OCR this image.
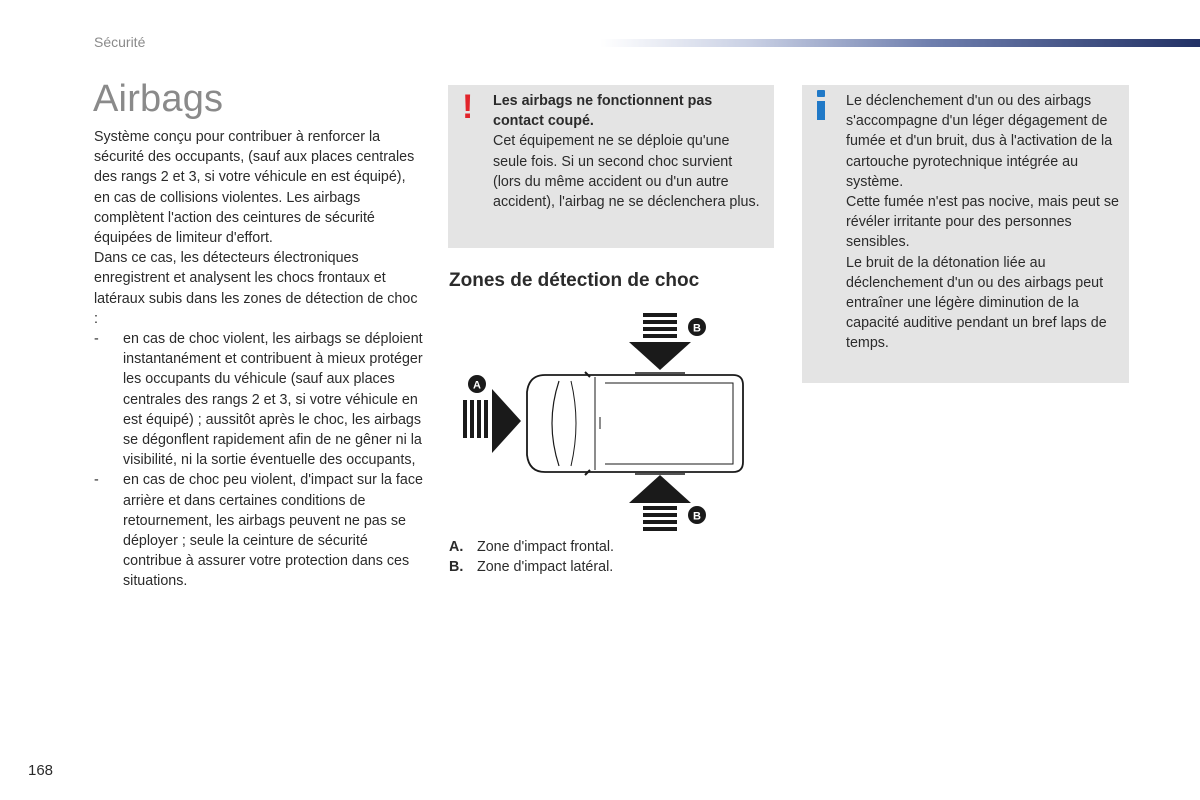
Sécurité
Airbags

Système conçu pour contribuer à renforcer la sécurité des occupants, (sauf aux places centrales des rangs 2 et 3, si votre véhicule en est équipé), en cas de collisions violentes. Les airbags complètent l'action des ceintures de sécurité équipées de limiteur d'effort.

Dans ce cas, les détecteurs électroniques enregistrent et analysent les chocs frontaux et latéraux subis dans les zones de détection de choc :

- en cas de choc violent, les airbags se déploient instantanément et contribuent à mieux protéger les occupants du véhicule (sauf aux places centrales des rangs 2 et 3, si votre véhicule en est équipé) ; aussitôt après le choc, les airbags se dégonflent rapidement afin de ne gêner ni la visibilité, ni la sortie éventuelle des occupants,
- en cas de choc peu violent, d'impact sur la face arrière et dans certaines conditions de retournement, les airbags peuvent ne pas se déployer ; seule la ceinture de sécurité contribue à assurer votre protection dans ces situations.
! Les airbags ne fonctionnent pas contact coupé.

Cet équipement ne se déploie qu'une seule fois. Si un second choc survient (lors du même accident ou d'un autre accident), l'airbag ne se déclenchera plus.

Zones de détection de choc
B
A
B

A. Zone d'impact frontal.

B. Zone d'impact latéral.

Le déclenchement d'un ou des airbags s'accompagne d'un léger dégagement de fumée et d'un bruit, dus à l'activation de la cartouche pyrotechnique intégrée au système.

Cette fumée n'est pas nocive, mais peut se révéler irritante pour des personnes sensibles.

Le bruit de la détonation liée au déclenchement d'un ou des airbags peut entraîner une légère diminution de la capacité auditive pendant un bref laps de temps.

168
